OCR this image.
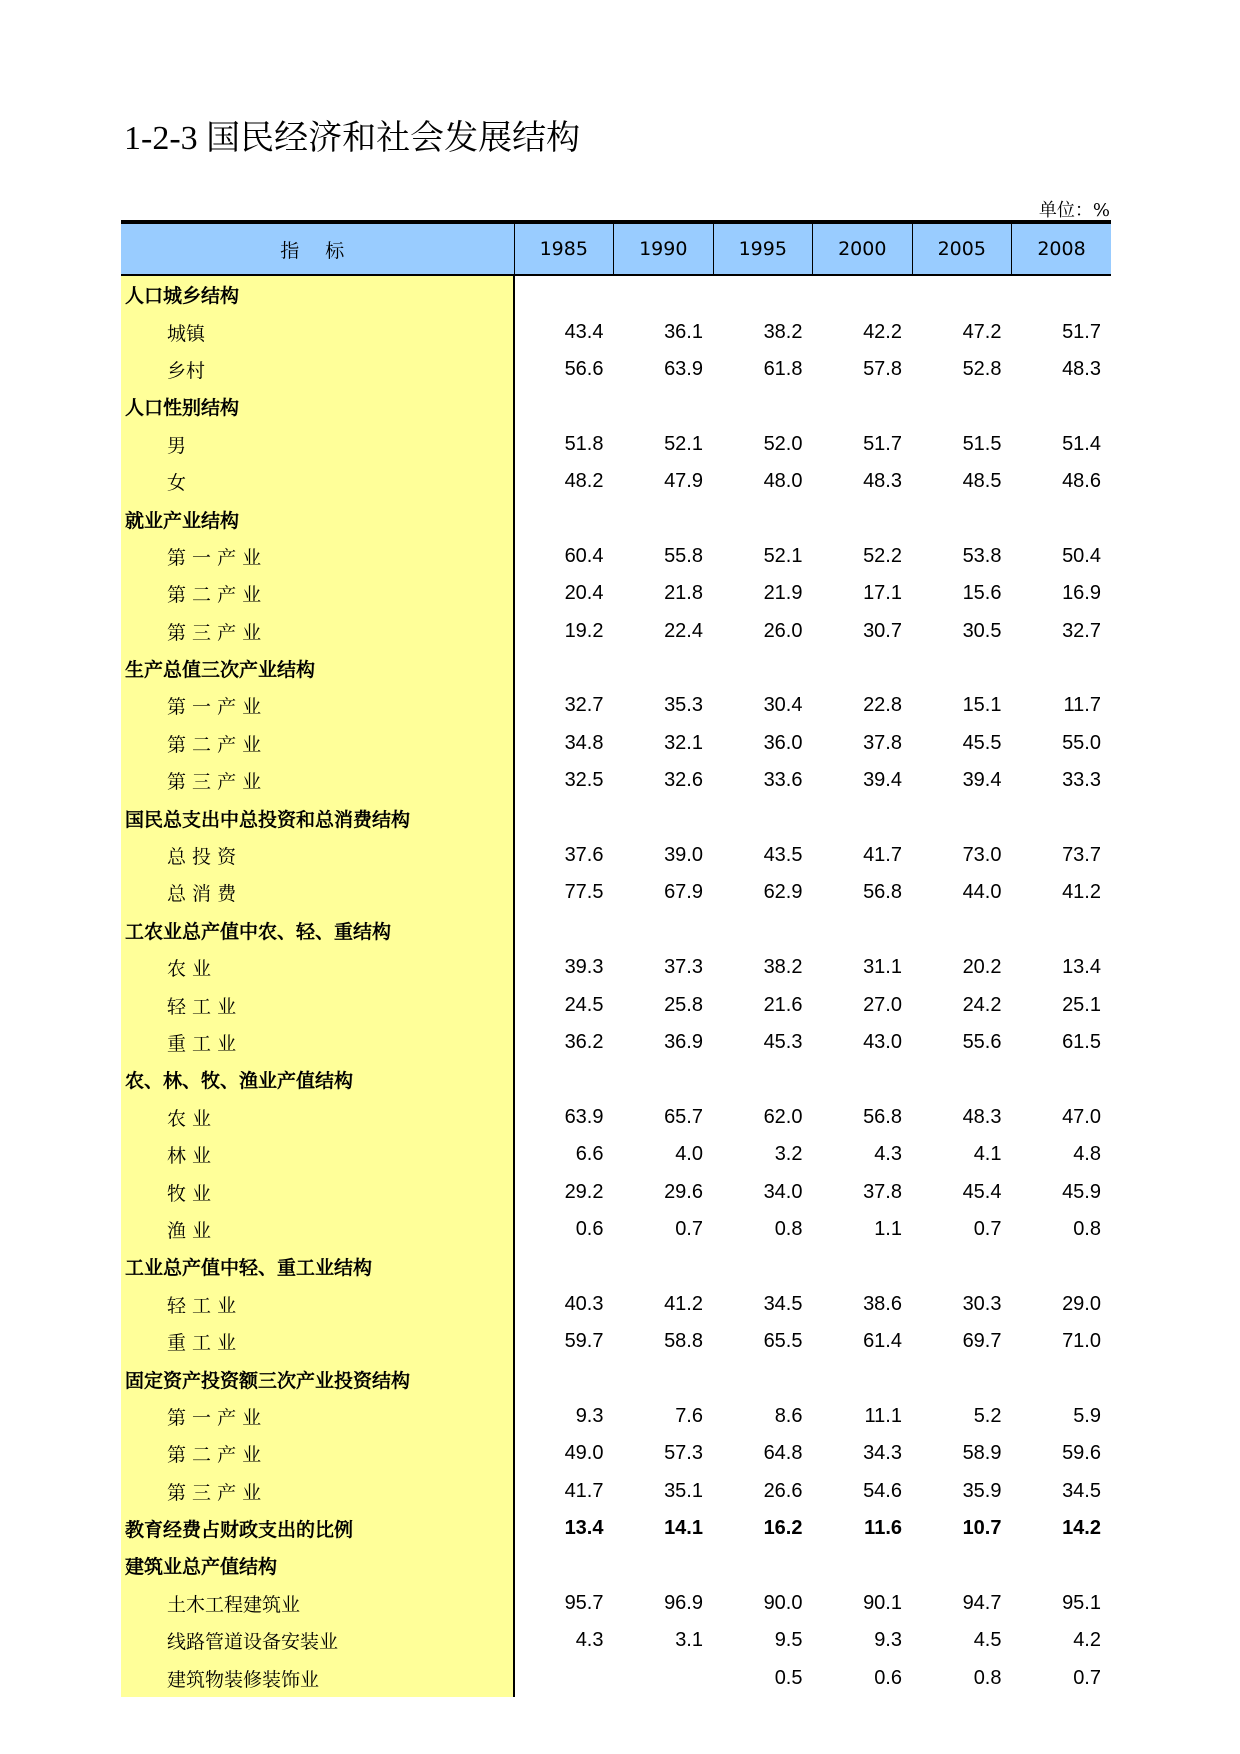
1-2-3 国民经济和社会发展结构
单位：%
指 标	1985	1990	1995	2000	2005	2008
人口城乡结构						
城镇	43.4	36.1	38.2	42.2	47.2	51.7
乡村	56.6	63.9	61.8	57.8	52.8	48.3
人口性别结构						
男	51.8	52.1	52.0	51.7	51.5	51.4
女	48.2	47.9	48.0	48.3	48.5	48.6
就业产业结构						
第 一 产 业	60.4	55.8	52.1	52.2	53.8	50.4
第 二 产 业	20.4	21.8	21.9	17.1	15.6	16.9
第 三 产 业	19.2	22.4	26.0	30.7	30.5	32.7
生产总值三次产业结构						
第 一 产 业	32.7	35.3	30.4	22.8	15.1	11.7
第 二 产 业	34.8	32.1	36.0	37.8	45.5	55.0
第 三 产 业	32.5	32.6	33.6	39.4	39.4	33.3
国民总支出中总投资和总消费结构						
总 投 资	37.6	39.0	43.5	41.7	73.0	73.7
总 消 费	77.5	67.9	62.9	56.8	44.0	41.2
工农业总产值中农、轻、重结构						
农 业	39.3	37.3	38.2	31.1	20.2	13.4
轻 工 业	24.5	25.8	21.6	27.0	24.2	25.1
重 工 业	36.2	36.9	45.3	43.0	55.6	61.5
农、林、牧、渔业产值结构						
农 业	63.9	65.7	62.0	56.8	48.3	47.0
林 业	6.6	4.0	3.2	4.3	4.1	4.8
牧 业	29.2	29.6	34.0	37.8	45.4	45.9
渔 业	0.6	0.7	0.8	1.1	0.7	0.8
工业总产值中轻、重工业结构						
轻 工 业	40.3	41.2	34.5	38.6	30.3	29.0
重 工 业	59.7	58.8	65.5	61.4	69.7	71.0
固定资产投资额三次产业投资结构						
第 一 产 业	9.3	7.6	8.6	11.1	5.2	5.9
第 二 产 业	49.0	57.3	64.8	34.3	58.9	59.6
第 三 产 业	41.7	35.1	26.6	54.6	35.9	34.5
教育经费占财政支出的比例	13.4	14.1	16.2	11.6	10.7	14.2
建筑业总产值结构						
土木工程建筑业	95.7	96.9	90.0	90.1	94.7	95.1
线路管道设备安装业	4.3	3.1	9.5	9.3	4.5	4.2
建筑物装修装饰业			0.5	0.6	0.8	0.7
